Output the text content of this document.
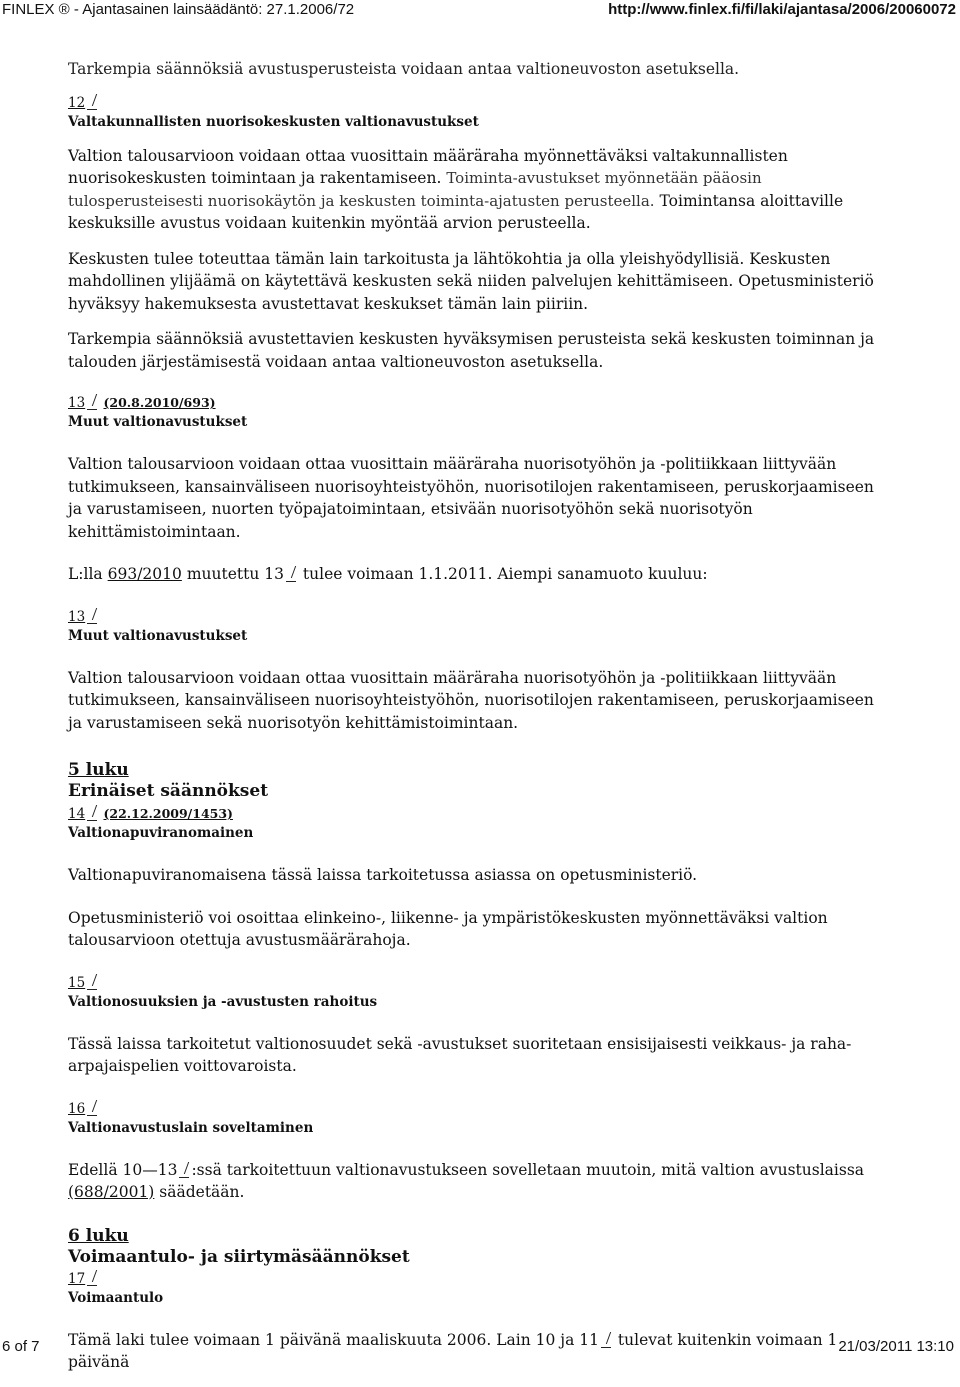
FINLEX ® - Ajantasainen lainsäädäntö: 27.1.2006/72	http://www.finlex.fi/fi/laki/ajantasa/2006/20060072

Tarkempia säännöksiä avustusperusteista voidaan antaa valtioneuvoston asetuksella.

12
Valtakunnallisten nuorisokeskusten valtionavustukset

Valtion talousarvioon voidaan ottaa vuosittain määräraha myönnettäväksi valtakunnallisten nuorisokeskusten toimintaan ja rakentamiseen. Toiminta-avustukset myönnetään pääosin tulosperusteisesti nuorisokäytön ja keskusten toiminta-ajatusten perusteella. Toimintansa aloittaville keskuksille avustus voidaan kuitenkin myöntää arvion perusteella.

Keskusten tulee toteuttaa tämän lain tarkoitusta ja lähtökohtia ja olla yleishyödyllisiä. Keskusten mahdollinen ylijäämä on käytettävä keskusten sekä niiden palvelujen kehittämiseen. Opetusministeriö hyväksyy hakemuksesta avustettavat keskukset tämän lain piiriin.

Tarkempia säännöksiä avustettavien keskusten hyväksymisen perusteista sekä keskusten toiminnan ja talouden järjestämisestä voidaan antaa valtioneuvoston asetuksella.

13 (20.8.2010/693)
Muut valtionavustukset

Valtion talousarvioon voidaan ottaa vuosittain määräraha nuorisotyöhön ja -politiikkaan liittyvään tutkimukseen, kansainväliseen nuorisoyhteistyöhön, nuorisotilojen rakentamiseen, peruskorjaamiseen ja varustamiseen, nuorten työpajatoimintaan, etsivään nuorisotyöhön sekä nuorisotyön kehittämistoimintaan.

L:lla 693/2010 muutettu 13 tulee voimaan 1.1.2011. Aiempi sanamuoto kuuluu:

13
Muut valtionavustukset

Valtion talousarvioon voidaan ottaa vuosittain määräraha nuorisotyöhön ja -politiikkaan liittyvään tutkimukseen, kansainväliseen nuorisoyhteistyöhön, nuorisotilojen rakentamiseen, peruskorjaamiseen ja varustamiseen sekä nuorisotyön kehittämistoimintaan.

5 luku
Erinäiset säännökset
14 (22.12.2009/1453)
Valtionapuviranomainen

Valtionapuviranomaisena tässä laissa tarkoitetussa asiassa on opetusministeriö.

Opetusministeriö voi osoittaa elinkeino-, liikenne- ja ympäristökeskusten myönnettäväksi valtion talousarvioon otettuja avustusmäärärahoja.

15
Valtionosuuksien ja -avustusten rahoitus

Tässä laissa tarkoitetut valtionosuudet sekä -avustukset suoritetaan ensisijaisesti veikkaus- ja raha-arpajaispelien voittovaroista.

16
Valtionavustuslain soveltaminen

Edellä 10—13 :ssä tarkoitettuun valtionavustukseen sovelletaan muutoin, mitä valtion avustuslaissa (688/2001) säädetään.

6 luku
Voimaantulo- ja siirtymäsäännökset
17
Voimaantulo

Tämä laki tulee voimaan 1 päivänä maaliskuuta 2006. Lain 10 ja 11 tulevat kuitenkin voimaan 1 päivänä

6 of 7	21/03/2011 13:10
